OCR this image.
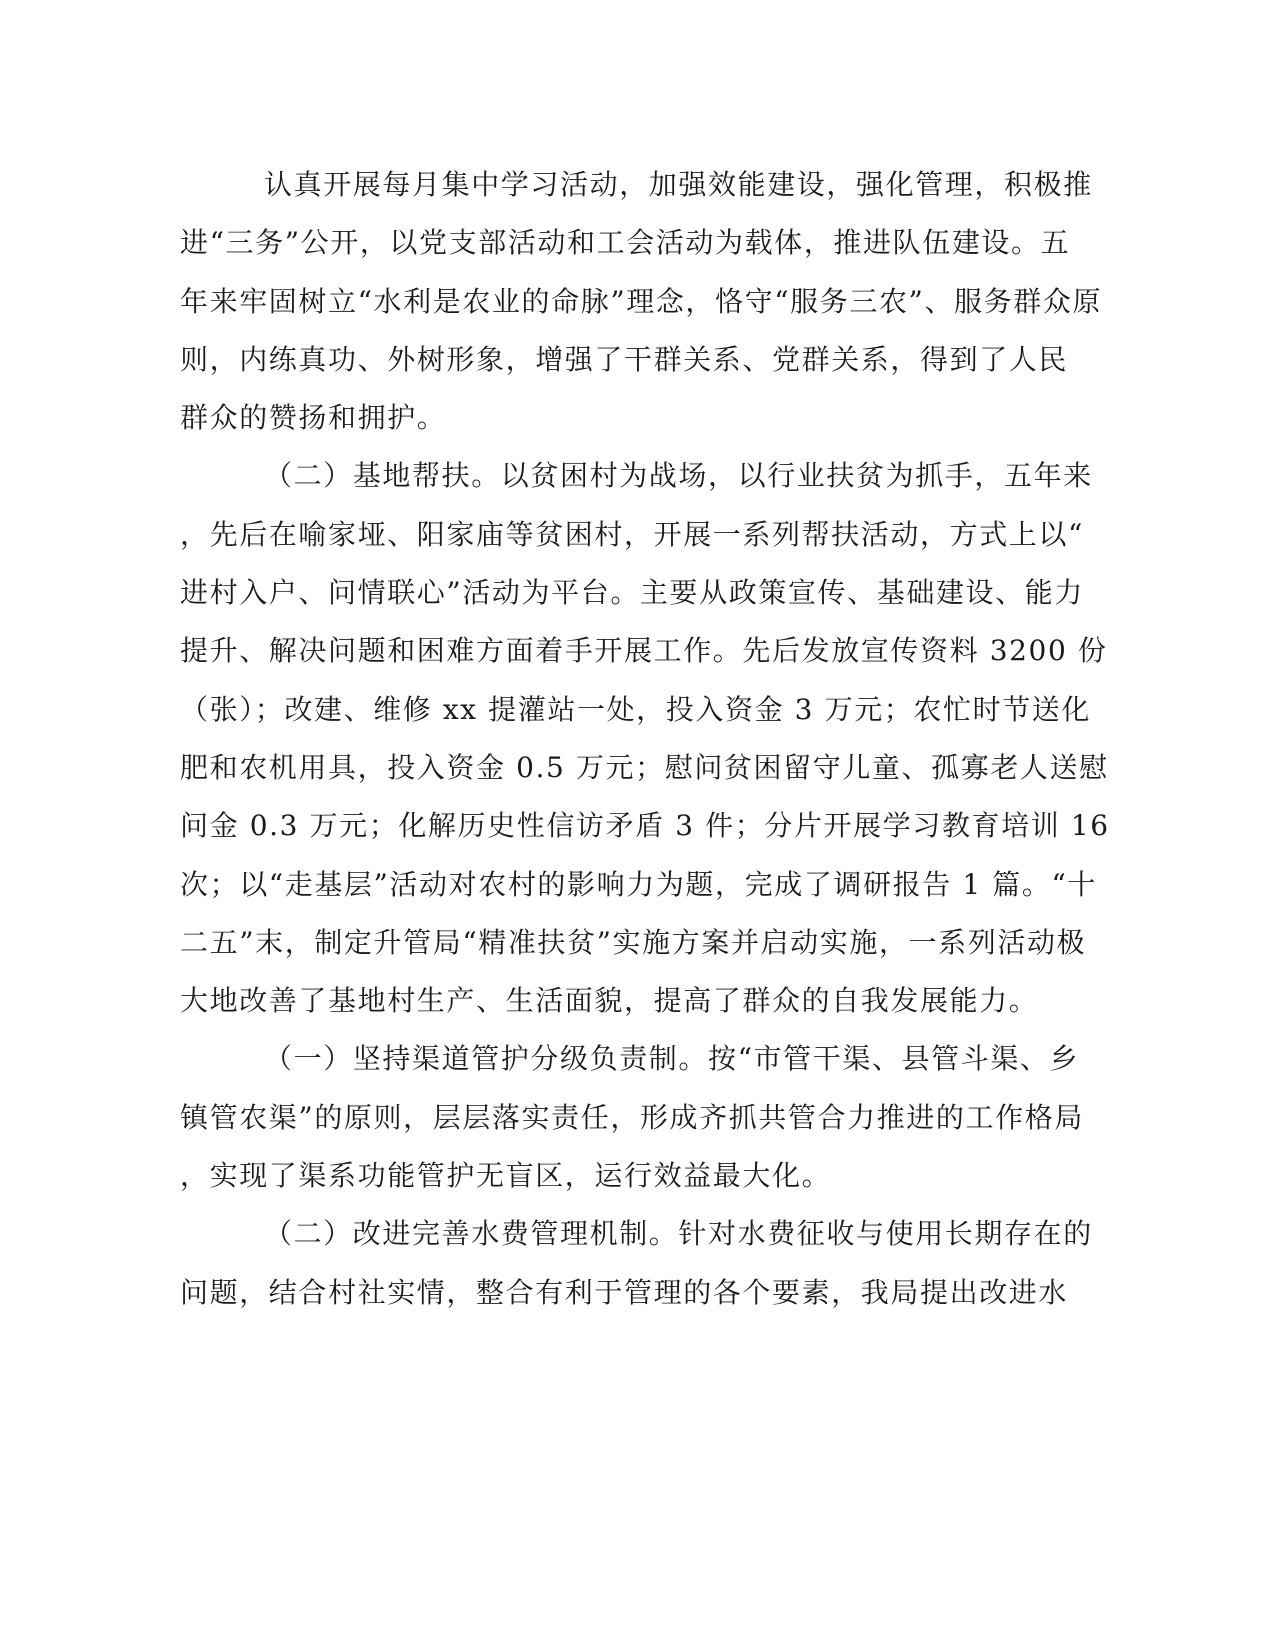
认真开展每月集中学习活动，加强效能建设，强化管理，积极推
进“三务”公开，以党支部活动和工会活动为载体，推进队伍建设。五
年来牢固树立“水利是农业的命脉”理念，恪守“服务三农”、服务群众原
则，内练真功、外树形象，增强了干群关系、党群关系，得到了人民
群众的赞扬和拥护。
（二）基地帮扶。以贫困村为战场，以行业扶贫为抓手，五年来
，先后在喻家垭、阳家庙等贫困村，开展一系列帮扶活动，方式上以“
进村入户、问情联心”活动为平台。主要从政策宣传、基础建设、能力
提升、解决问题和困难方面着手开展工作。先后发放宣传资料 3200 份
（张）；改建、维修 xx 提灌站一处，投入资金 3 万元；农忙时节送化
肥和农机用具，投入资金 0.5 万元；慰问贫困留守儿童、孤寡老人送慰
问金 0.3 万元；化解历史性信访矛盾 3 件；分片开展学习教育培训 16
次；以“走基层”活动对农村的影响力为题，完成了调研报告 1 篇。“十
二五”末，制定升管局“精准扶贫”实施方案并启动实施，一系列活动极
大地改善了基地村生产、生活面貌，提高了群众的自我发展能力。
（一）坚持渠道管护分级负责制。按“市管干渠、县管斗渠、乡
镇管农渠”的原则，层层落实责任，形成齐抓共管合力推进的工作格局
，实现了渠系功能管护无盲区，运行效益最大化。
（二）改进完善水费管理机制。针对水费征收与使用长期存在的
问题，结合村社实情，整合有利于管理的各个要素，我局提出改进水
